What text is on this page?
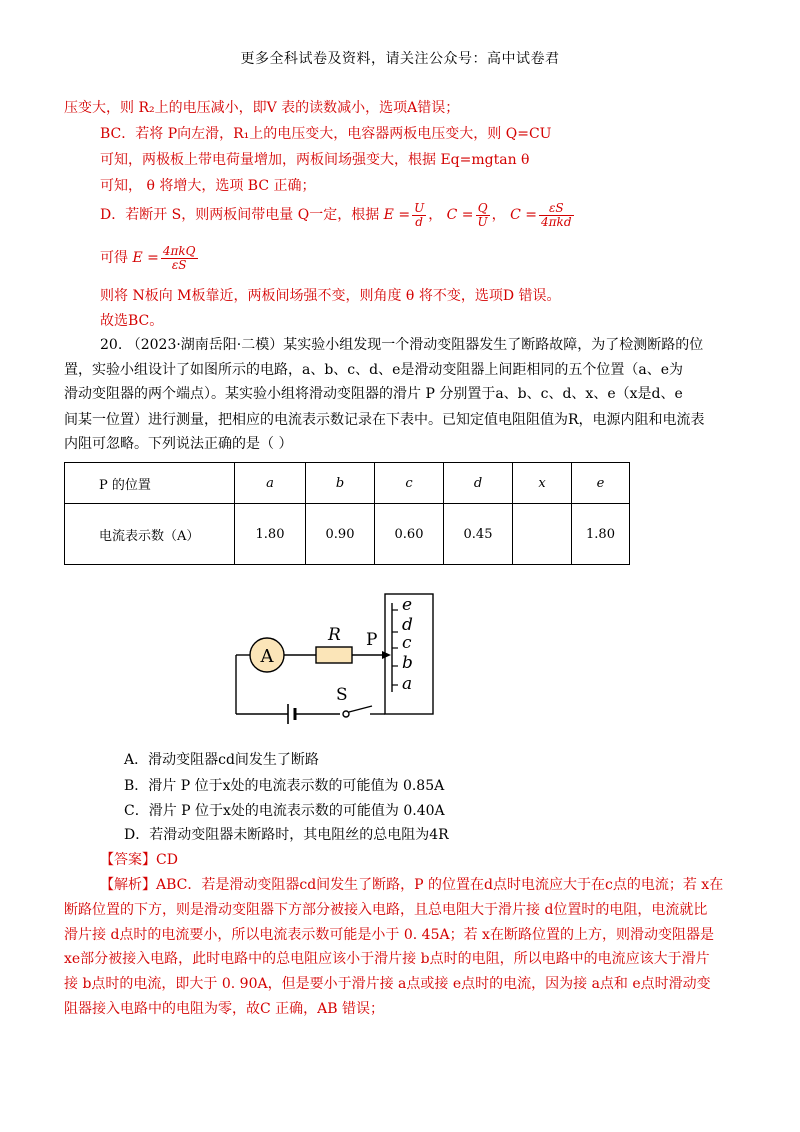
更多全科试卷及资料，请关注公众号：高中试卷君
压变大，则 R₂上的电压减小，即V 表的读数减小，选项A错误；
BC．若将 P向左滑，R₁上的电压变大，电容器两板电压变大，则 Q=CU
可知，两极板上带电荷量增加，两板间场强变大，根据 Eq=mgtan θ
可知， θ 将增大，选项 BC 正确；
D．若断开 S，则两板间带电量 Q一定，根据 $E = \frac{U}{d}$ ， $C = \frac{Q}{U}$ ， $C = \frac{\varepsilon S}{\text{4πkd}}$
可得 $E = \frac{\text{4πkQ}}{\varepsilon S}$
则将 N板向 M板靠近，两板间场强不变，则角度 θ 将不变，选项D 错误。
故选BC。
20. （2023·湖南岳阳·二模）某实验小组发现一个滑动变阻器发生了断路故障，为了检测断路的位
置，实验小组设计了如图所示的电路，a、b、c、d、e是滑动变阻器上间距相同的五个位置（a、e为
滑动变阻器的两个端点）。某实验小组将滑动变阻器的滑片 P 分别置于a、b、c、d、x、e（x是d、e
间某一位置）进行测量，把相应的电流表示数记录在下表中。已知定值电阻阻值为R，电源内阻和电流表
内阻可忽略。下列说法正确的是（ ）
P 的位置	a	b	c	d	x	e
电流表示数（A）	1.80	0.90	0.60	0.45		1.80
e
d
c
b
a
R P
A
S
A．滑动变阻器cd间发生了断路
B．滑片 P 位于x处的电流表示数的可能值为 0.85A
C．滑片 P 位于x处的电流表示数的可能值为 0.40A
D．若滑动变阻器未断路时，其电阻丝的总电阻为4R
【答案】CD
【解析】ABC．若是滑动变阻器cd间发生了断路，P 的位置在d点时电流应大于在c点的电流；若 x在
断路位置的下方，则是滑动变阻器下方部分被接入电路，且总电阻大于滑片接 d位置时的电阻，电流就比
滑片接 d点时的电流要小，所以电流表示数可能是小于 0. 45A；若 x在断路位置的上方，则滑动变阻器是
xe部分被接入电路，此时电路中的总电阻应该小于滑片接 b点时的电阻，所以电路中的电流应该大于滑片
接 b点时的电流，即大于 0. 90A，但是要小于滑片接 a点或接 e点时的电流，因为接 a点和 e点时滑动变
阻器接入电路中的电阻为零，故C 正确，AB 错误；
